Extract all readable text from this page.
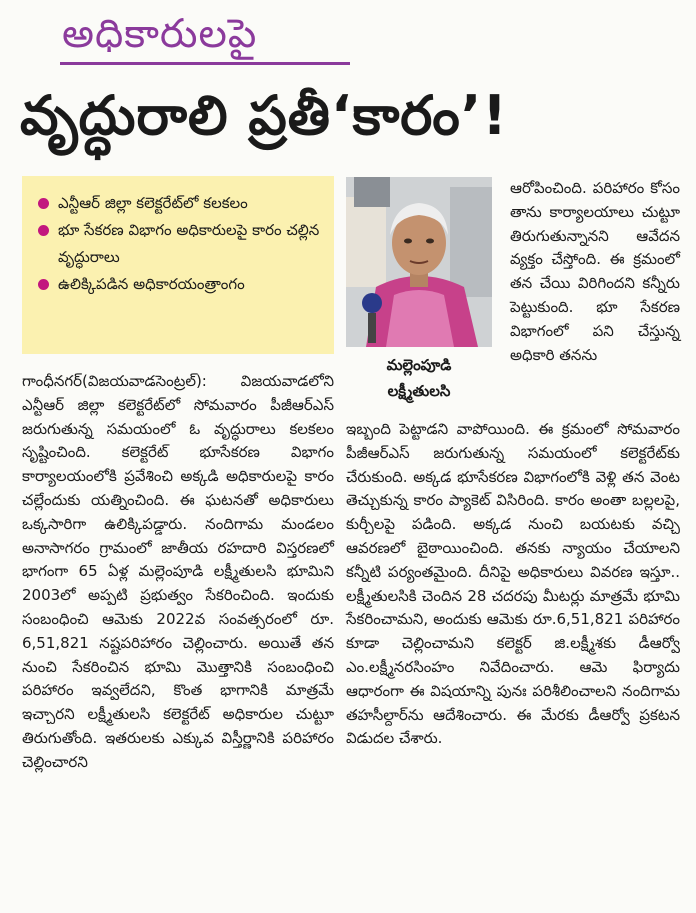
అధికారులపై
వృద్ధురాలి ప్రతీ‘కారం’!
ఎన్టీఆర్ జిల్లా కలెక్టరేట్‌లో కలకలం
భూ సేకరణ విభాగం అధికారులపై కారం చల్లిన వృద్ధురాలు
ఉలిక్కిపడిన అధికారయంత్రాంగం
మల్లెంపూడి
లక్ష్మీతులసి

గాంధీనగర్(విజయవాడసెంట్రల్): విజయవాడలోని ఎన్టీఆర్ జిల్లా కలెక్టరేట్‌లో సోమవారం పీజీఆర్ఎస్ జరుగుతున్న సమయంలో ఓ వృద్ధురాలు కలకలం సృష్టించింది. కలెక్టరేట్ భూసేకరణ విభాగం కార్యాలయంలోకి ప్రవేశించి అక్కడి అధికారులపై కారం చల్లేందుకు యత్నించింది. ఈ ఘటనతో అధికారులు ఒక్కసారిగా ఉలిక్కిపడ్డారు. నందిగామ మండలం అనాసాగరం గ్రామంలో జాతీయ రహదారి విస్తరణలో భాగంగా 65 ఏళ్ల మల్లెంపూడి లక్ష్మీతులసి భూమిని 2003లో అప్పటి ప్రభుత్వం సేకరించింది. ఇందుకు సంబంధించి ఆమెకు 2022వ సంవత్సరంలో రూ. 6,51,821 నష్టపరిహారం చెల్లించారు. అయితే తన నుంచి సేకరించిన భూమి మొత్తానికి సంబంధించి పరిహారం ఇవ్వలేదని, కొంత భాగానికి మాత్రమే ఇచ్చారని లక్ష్మీతులసి కలెక్టరేట్ అధికారుల చుట్టూ తిరుగుతోంది. ఇతరులకు ఎక్కువ విస్తీర్ణానికి పరిహారం చెల్లించారని

ఆరోపించింది. పరిహారం కోసం తాను కార్యాలయాలు చుట్టూ తిరుగుతున్నానని ఆవేదన వ్యక్తం చేస్తోంది. ఈ క్రమంలో తన చేయి విరిగిందని కన్నీరు పెట్టుకుంది. భూ సేకరణ విభాగంలో పని చేస్తున్న అధికారి తనను

ఇబ్బంది పెట్టాడని వాపోయింది. ఈ క్రమంలో సోమవారం పీజీఆర్ఎస్ జరుగుతున్న సమయంలో కలెక్టరేట్‌కు చేరుకుంది. అక్కడ భూసేకరణ విభాగంలోకి వెళ్లి తన వెంట తెచ్చుకున్న కారం ప్యాకెట్ విసిరింది. కారం అంతా బల్లలపై, కుర్చీలపై పడింది. అక్కడ నుంచి బయటకు వచ్చి ఆవరణలో బైఠాయించింది. తనకు న్యాయం చేయాలని కన్నీటి పర్యంతమైంది. దీనిపై అధికారులు వివరణ ఇస్తూ.. లక్ష్మీతులసికి చెందిన 28 చదరపు మీటర్లు మాత్రమే భూమి సేకరించామని, అందుకు ఆమెకు రూ.6,51,821 పరిహారం కూడా చెల్లించామని కలెక్టర్ జి.లక్ష్మీశకు డీఆర్వో ఎం.లక్ష్మీనరసింహం నివేదించారు. ఆమె ఫిర్యాదు ఆధారంగా ఈ విషయాన్ని పునః పరిశీలించాలని నందిగామ తహసీల్దార్‌ను ఆదేశించారు. ఈ మేరకు డీఆర్వో ప్రకటన విడుదల చేశారు.
